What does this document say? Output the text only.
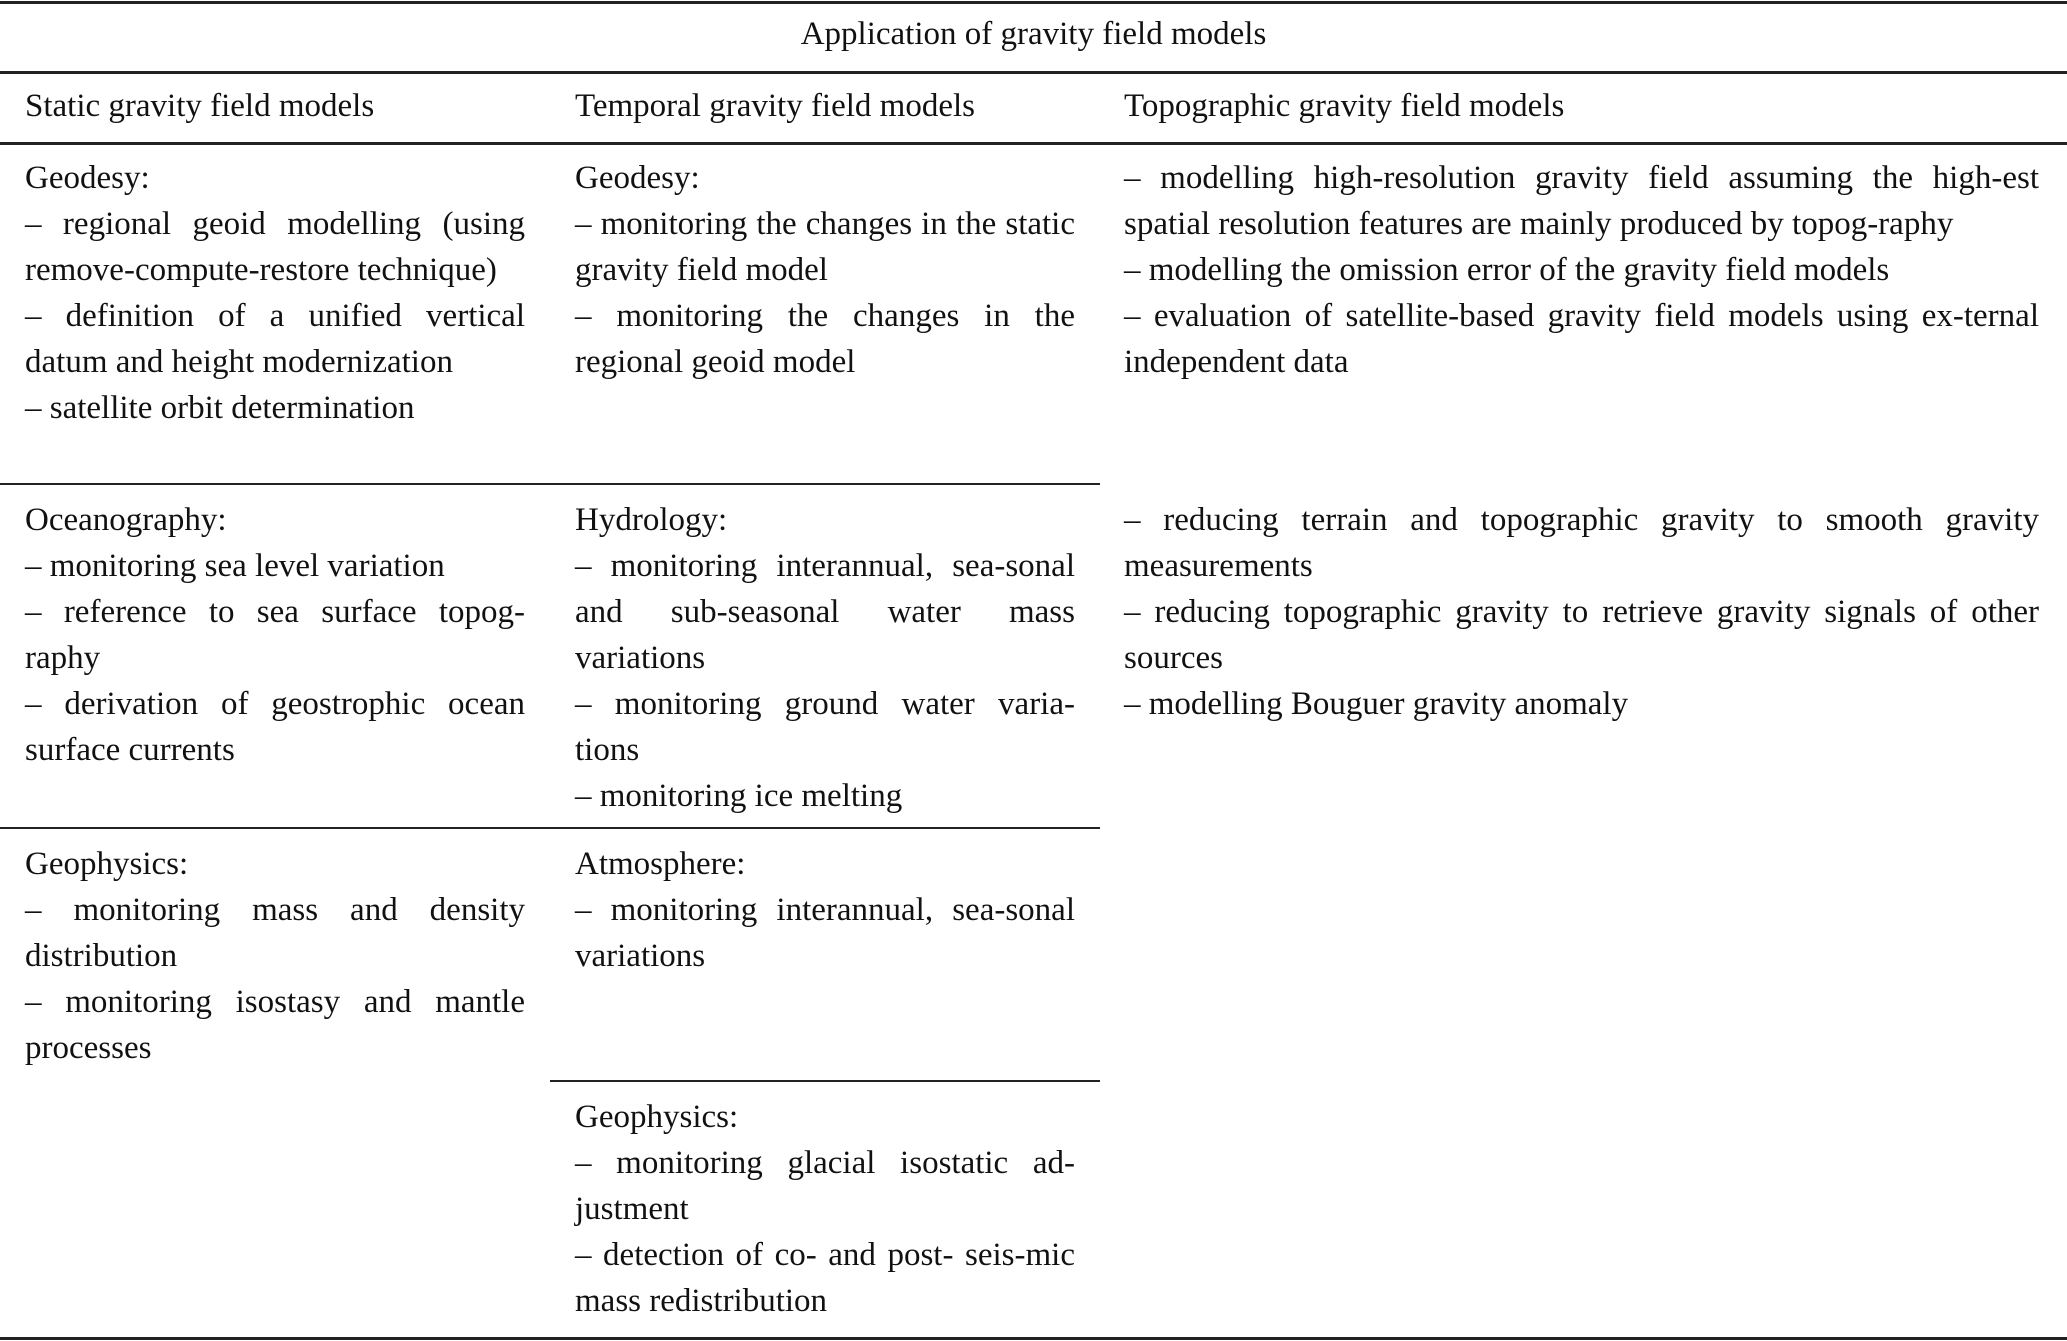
Application of gravity field models
Static gravity field models	Temporal gravity field models	Topographic gravity field models
Geodesy:
– regional geoid modelling (using remove-compute-restore technique)
– definition of a unified vertical datum and height modernization
– satellite orbit determination
Oceanography:
– monitoring sea level variation
– reference to sea surface topog-raphy
– derivation of geostrophic ocean surface currents
Geophysics:
– monitoring mass and density distribution
– monitoring isostasy and mantle processes
Geodesy:
– monitoring the changes in the static gravity field model
– monitoring the changes in the regional geoid model
Hydrology:
– monitoring interannual, sea-sonal and sub-seasonal water mass variations
– monitoring ground water varia-tions
– monitoring ice melting
Atmosphere:
– monitoring interannual, sea-sonal variations
Geophysics:
– monitoring glacial isostatic ad-justment
– detection of co- and post- seis-mic mass redistribution
– modelling high-resolution gravity field assuming the high-est spatial resolution features are mainly produced by topog-raphy
– modelling the omission error of the gravity field models
– evaluation of satellite-based gravity field models using ex-ternal independent data
– reducing terrain and topographic gravity to smooth gravity measurements
– reducing topographic gravity to retrieve gravity signals of other sources
– modelling Bouguer gravity anomaly
